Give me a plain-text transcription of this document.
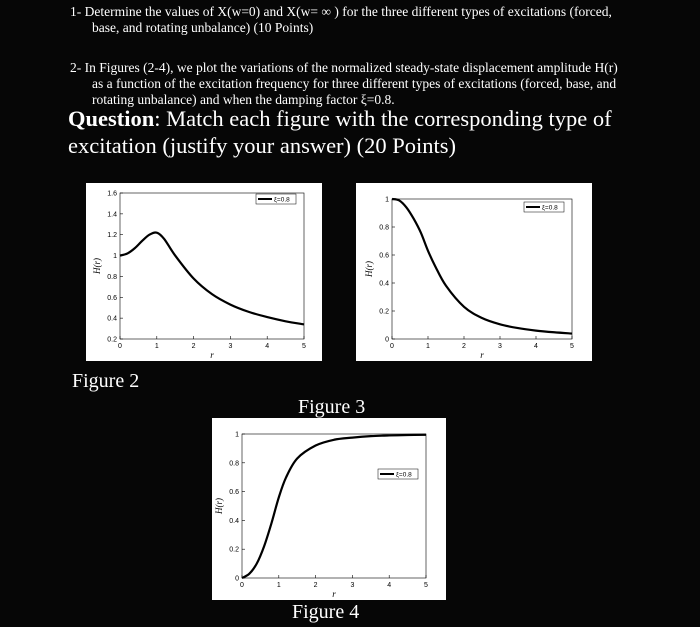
1- Determine the values of X(w=0) and X(w= ∞ ) for the three different types of excitations (forced,
base, and rotating unbalance) (10 Points)
2- In Figures (2-4), we plot the variations of the normalized steady-state displacement amplitude H(r)
as a function of the excitation frequency for three different types of excitations (forced, base, and
rotating unbalance) and when the damping factor ξ=0.8.
Question: Match each figure with the corresponding type of excitation (justify your answer) (20 Points)
0	1	2	3	4	5
0.2
0.4
0.6
0.8
1
1.2
1.4
1.6
r
H(r)
ξ=0.8
Figure 2
0	1	2	3	4	5
0
0.2
0.4
0.6
0.8
1
r
H(r)
ξ=0.8
Figure 3
0	1	2	3	4	5
0
0.2
0.4
0.6
0.8
1
r
H(r)
ξ=0.8
Figure 4
